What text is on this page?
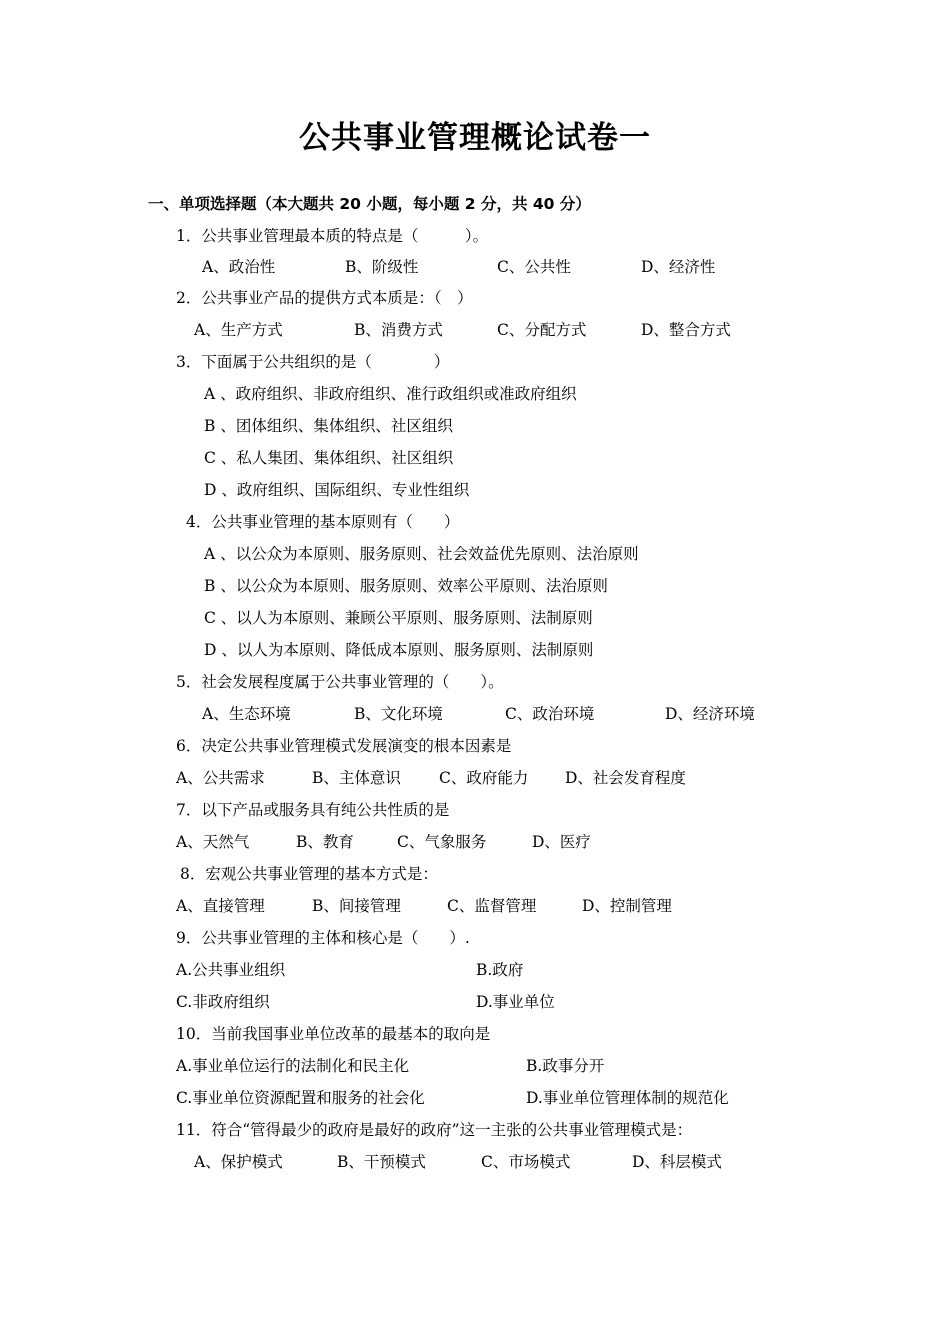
公共事业管理概论试卷一
一、单项选择题（本大题共 20 小题，每小题 2 分，共 40 分）
1．公共事业管理最本质的特点是（　　　）。
A、政治性	B、阶级性	C、公共性	D、经济性
2．公共事业产品的提供方式本质是：（　）
A、生产方式	B、消费方式	C、分配方式	D、整合方式
3．下面属于公共组织的是（　　　　）
A 、政府组织、非政府组织、准行政组织或准政府组织
B 、团体组织、集体组织、社区组织
C 、私人集团、集体组织、社区组织
D 、政府组织、国际组织、专业性组织
4．公共事业管理的基本原则有（　　）
A 、以公众为本原则、服务原则、社会效益优先原则、法治原则
B 、以公众为本原则、服务原则、效率公平原则、法治原则
C 、以人为本原则、兼顾公平原则、服务原则、法制原则
D 、以人为本原则、降低成本原则、服务原则、法制原则
5．社会发展程度属于公共事业管理的（　　）。
A、生态环境	B、文化环境	C、政治环境	D、经济环境
6．决定公共事业管理模式发展演变的根本因素是
A、公共需求	B、主体意识 C、政府能力 D、社会发育程度
7．以下产品或服务具有纯公共性质的是
A、天然气	B、教育	C、气象服务	D、医疗
8．宏观公共事业管理的基本方式是：
A、直接管理	B、间接管理	C、监督管理	D、控制管理
9．公共事业管理的主体和核心是（　　）.
A.公共事业组织	B.政府
C.非政府组织	D.事业单位
10．当前我国事业单位改革的最基本的取向是
A.事业单位运行的法制化和民主化	B.政事分开
C.事业单位资源配置和服务的社会化	D.事业单位管理体制的规范化
11．符合“管得最少的政府是最好的政府”这一主张的公共事业管理模式是：
A、保护模式	B、干预模式	C、市场模式	D、科层模式
